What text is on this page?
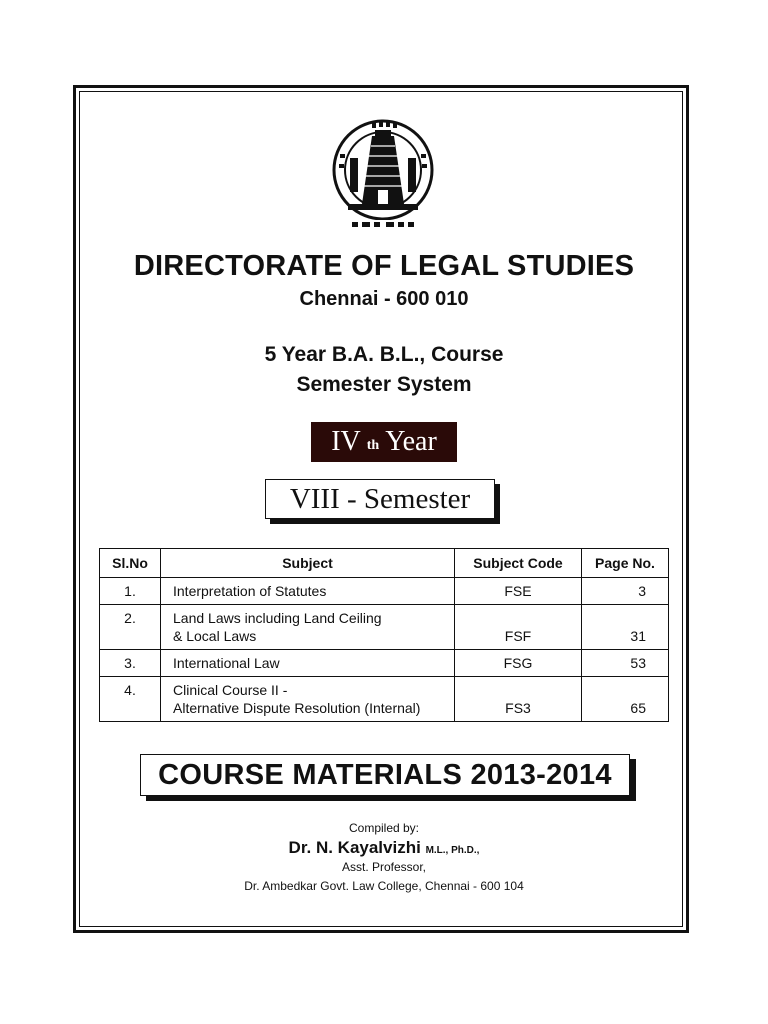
DIRECTORATE OF LEGAL STUDIES
Chennai - 600 010
5 Year B.A. B.L., Course
Semester System
IV th Year
VIII - Semester
Sl.No	Subject	Subject Code	Page No.
1.	Interpretation of Statutes	FSE	3
2.	Land Laws including Land Ceiling
& Local Laws	FSF	31
3.	International Law	FSG	53
4.	Clinical Course II -
Alternative Dispute Resolution (Internal)	FS3	65
COURSE MATERIALS 2013-2014
Compiled by:
Dr. N. Kayalvizhi M.L., Ph.D.,
Asst. Professor,
Dr. Ambedkar Govt. Law College, Chennai - 600 104
